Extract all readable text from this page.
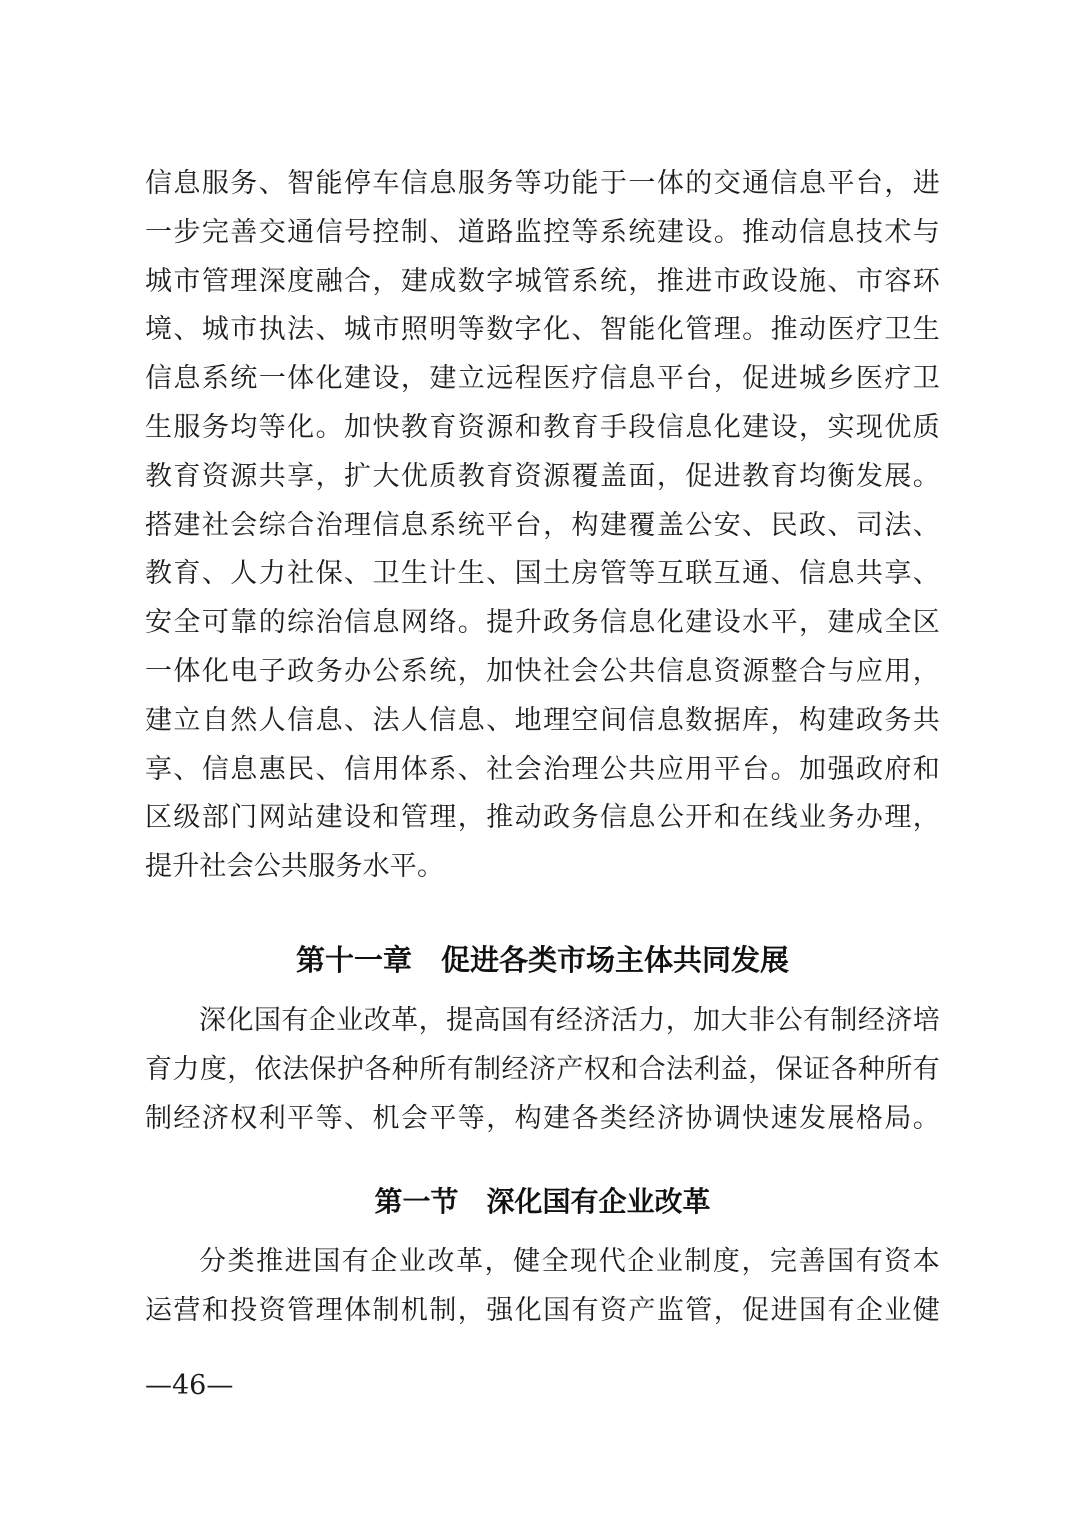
信息服务、智能停车信息服务等功能于一体的交通信息平台，进
一步完善交通信号控制、道路监控等系统建设。推动信息技术与
城市管理深度融合，建成数字城管系统，推进市政设施、市容环
境、城市执法、城市照明等数字化、智能化管理。推动医疗卫生
信息系统一体化建设，建立远程医疗信息平台，促进城乡医疗卫
生服务均等化。加快教育资源和教育手段信息化建设，实现优质
教育资源共享，扩大优质教育资源覆盖面，促进教育均衡发展。
搭建社会综合治理信息系统平台，构建覆盖公安、民政、司法、
教育、人力社保、卫生计生、国土房管等互联互通、信息共享、
安全可靠的综治信息网络。提升政务信息化建设水平，建成全区
一体化电子政务办公系统，加快社会公共信息资源整合与应用，
建立自然人信息、法人信息、地理空间信息数据库，构建政务共
享、信息惠民、信用体系、社会治理公共应用平台。加强政府和
区级部门网站建设和管理，推动政务信息公开和在线业务办理，
提升社会公共服务水平。
第十一章　促进各类市场主体共同发展
深化国有企业改革，提高国有经济活力，加大非公有制经济培
育力度，依法保护各种所有制经济产权和合法利益，保证各种所有
制经济权利平等、机会平等，构建各类经济协调快速发展格局。
第一节　深化国有企业改革
分类推进国有企业改革，健全现代企业制度，完善国有资本
运营和投资管理体制机制，强化国有资产监管，促进国有企业健
—46—
